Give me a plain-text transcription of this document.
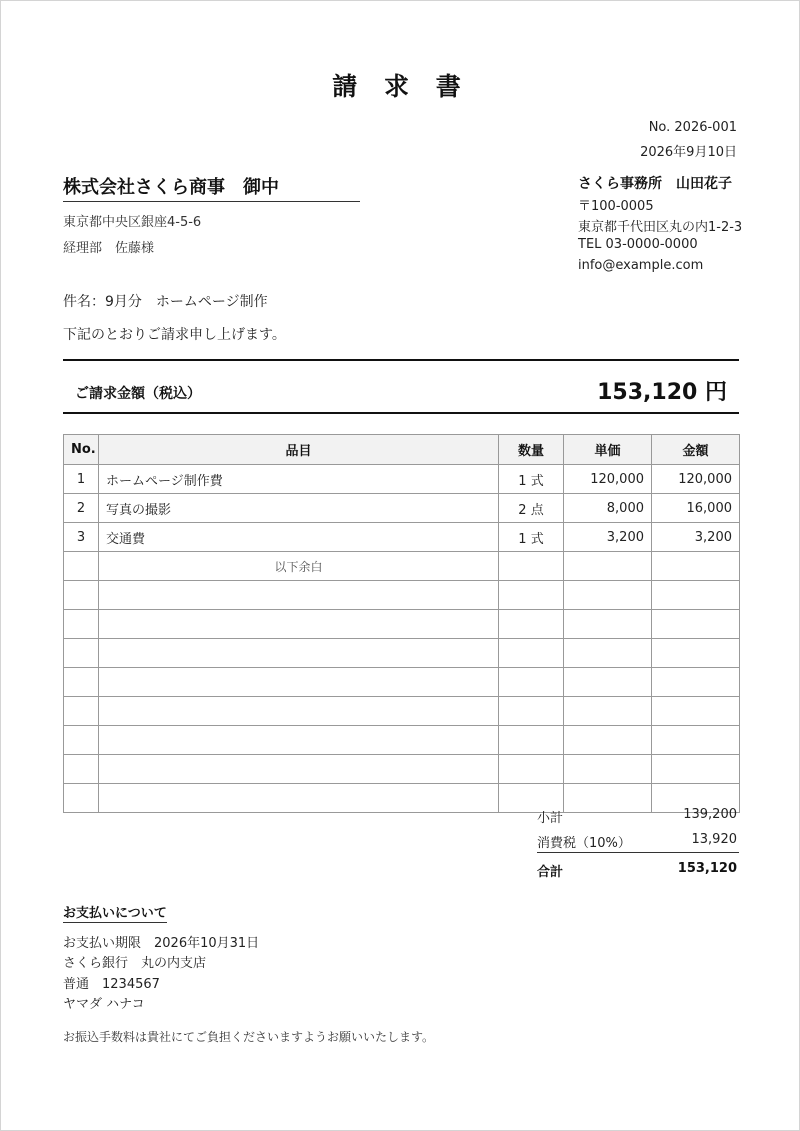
請 求 書
No. 2026-001
2026年9月10日
株式会社さくら商事　御中
東京都中央区銀座4-5-6
経理部　佐藤様
さくら事務所　山田花子
〒100-0005
東京都千代田区丸の内1-2-3
TEL 03-0000-0000
info@example.com
件名：9月分　ホームページ制作
下記のとおりご請求申し上げます。
ご請求金額（税込）	153,120 円
No.	品目	数量	単価	金額
1	ホームページ制作費	1 式	120,000	120,000
2	写真の撮影	2 点	8,000	16,000
3	交通費	1 式	3,200	3,200
	以下余白			

小計	139,200
消費税（10%）	13,920
合計	153,120
お支払いについて
お支払い期限　2026年10月31日
さくら銀行　丸の内支店
普通　1234567
ヤマダ ハナコ
お振込手数料は貴社にてご負担くださいますようお願いいたします。
